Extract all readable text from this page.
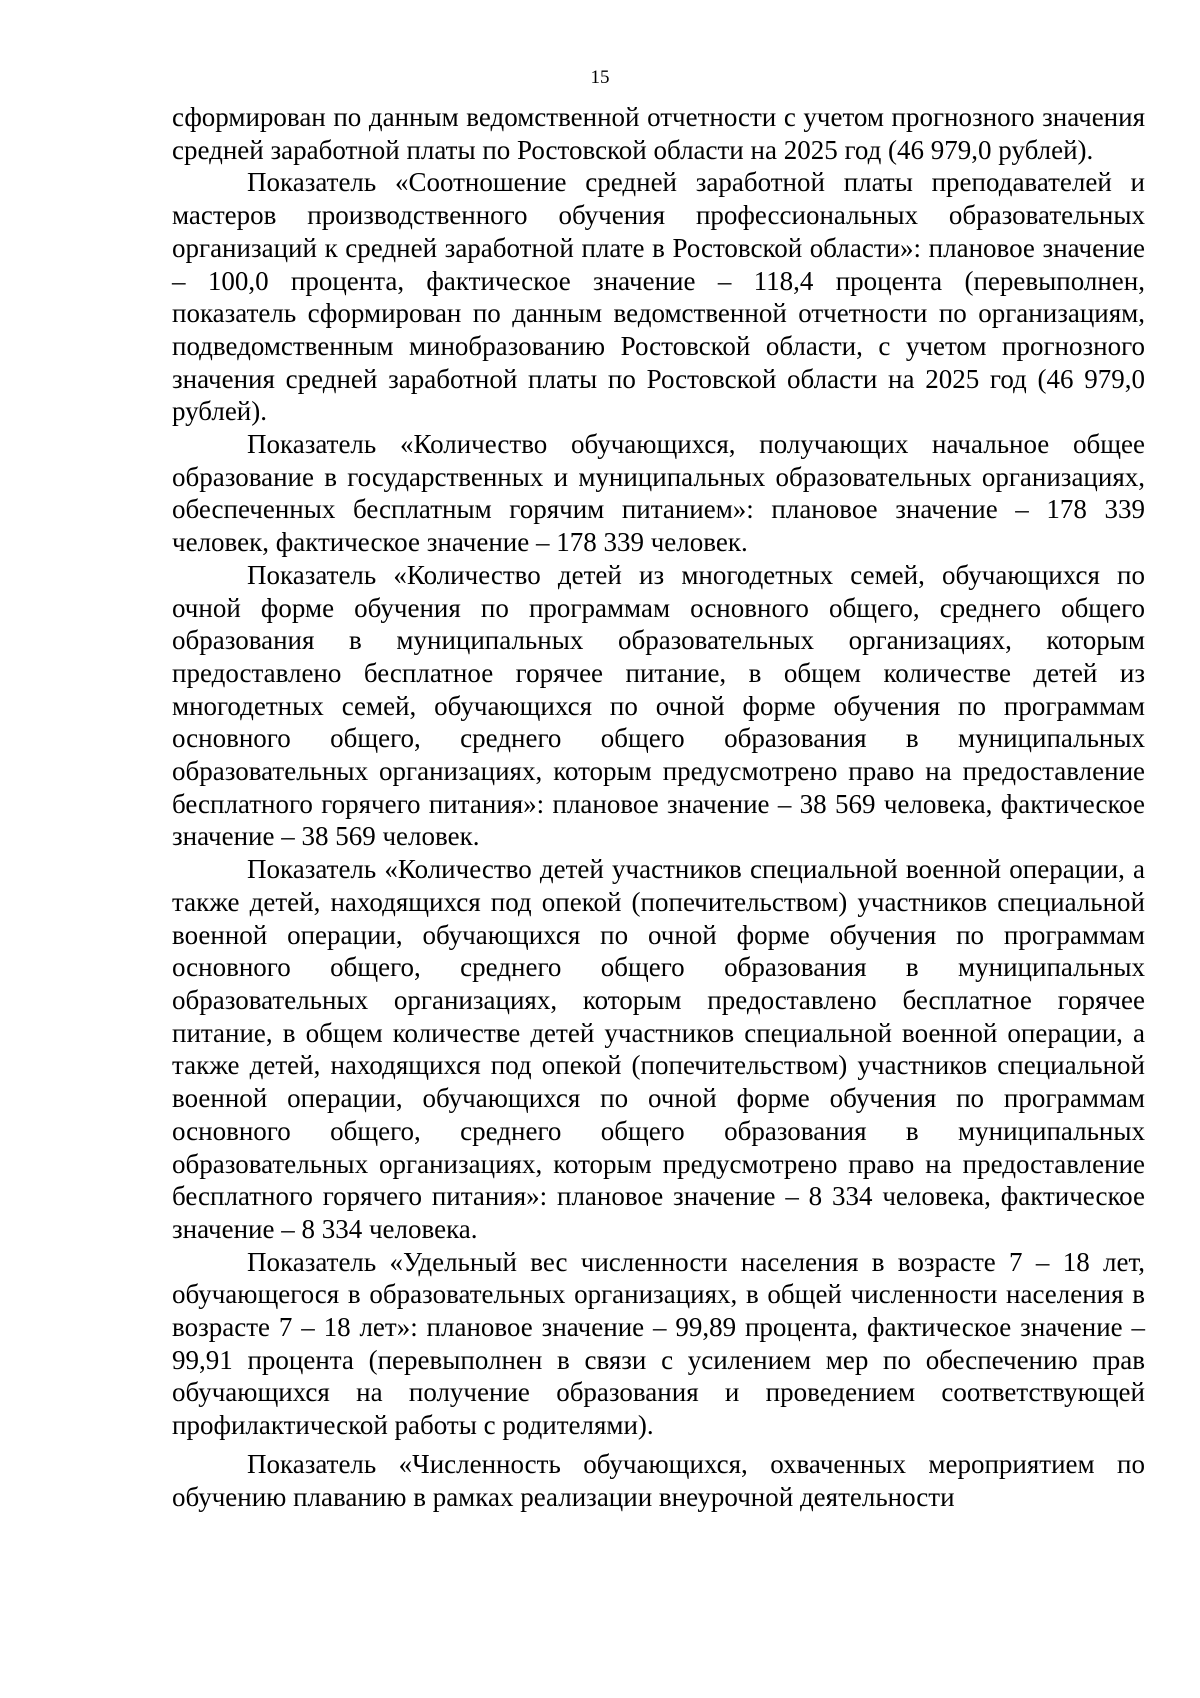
15

сформирован по данным ведомственной отчетности с учетом прогнозного значения средней заработной платы по Ростовской области на 2025 год (46 979,0 рублей).

Показатель «Соотношение средней заработной платы преподавателей и мастеров производственного обучения профессиональных образовательных организаций к средней заработной плате в Ростовской области»: плановое значение – 100,0 процента, фактическое значение – 118,4 процента (перевыполнен, показатель сформирован по данным ведомственной отчетности по организациям, подведомственным минобразованию Ростовской области, с учетом прогнозного значения средней заработной платы по Ростовской области на 2025 год (46 979,0 рублей).

Показатель «Количество обучающихся, получающих начальное общее образование в государственных и муниципальных образовательных организациях, обеспеченных бесплатным горячим питанием»: плановое значение – 178 339 человек, фактическое значение – 178 339 человек.

Показатель «Количество детей из многодетных семей, обучающихся по очной форме обучения по программам основного общего, среднего общего образования в муниципальных образовательных организациях, которым предоставлено бесплатное горячее питание, в общем количестве детей из многодетных семей, обучающихся по очной форме обучения по программам основного общего, среднего общего образования в муниципальных образовательных организациях, которым предусмотрено право на предоставление бесплатного горячего питания»: плановое значение – 38 569 человека, фактическое значение – 38 569 человек.

Показатель «Количество детей участников специальной военной операции, а также детей, находящихся под опекой (попечительством) участников специальной военной операции, обучающихся по очной форме обучения по программам основного общего, среднего общего образования в муниципальных образовательных организациях, которым предоставлено бесплатное горячее питание, в общем количестве детей участников специальной военной операции, а также детей, находящихся под опекой (попечительством) участников специальной военной операции, обучающихся по очной форме обучения по программам основного общего, среднего общего образования в муниципальных образовательных организациях, которым предусмотрено право на предоставление бесплатного горячего питания»: плановое значение – 8 334 человека, фактическое значение – 8 334 человека.

Показатель «Удельный вес численности населения в возрасте 7 – 18 лет, обучающегося в образовательных организациях, в общей численности населения в возрасте 7 – 18 лет»: плановое значение – 99,89 процента, фактическое значение – 99,91 процента (перевыполнен в связи с усилением мер по обеспечению прав обучающихся на получение образования и проведением соответствующей профилактической работы с родителями).

Показатель «Численность обучающихся, охваченных мероприятием по обучению плаванию в рамках реализации внеурочной деятельности
